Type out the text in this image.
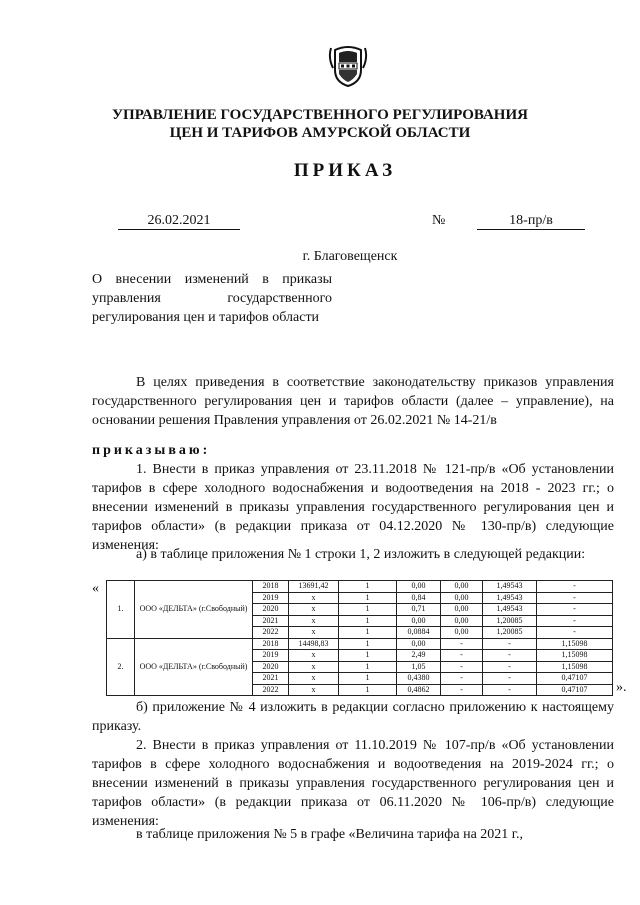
УПРАВЛЕНИЕ ГОСУДАРСТВЕННОГО РЕГУЛИРОВАНИЯ
ЦЕН И ТАРИФОВ АМУРСКОЙ ОБЛАСТИ
ПРИКАЗ
26.02.2021	№	18-пр/в
г. Благовещенск
О внесении изменений в приказы управления государственного регулирования цен и тарифов области
В целях приведения в соответствие законодательству приказов управления государственного регулирования цен и тарифов области (далее – управление), на основании решения Правления управления от 26.02.2021 № 14-21/в
приказываю:
1. Внести в приказ управления от 23.11.2018 № 121-пр/в «Об установлении тарифов в сфере холодного водоснабжения и водоотведения на 2018 - 2023 гг.; о внесении изменений в приказы управления государственного регулирования цен и тарифов области» (в редакции приказа от 04.12.2020 № 130-пр/в) следующие изменения:
а) в таблице приложения № 1 строки 1, 2 изложить в следующей редакции:
«
1.	ООО «ДЕЛЬТА» (г.Свободный)	2018	13691,42	1	0,00	0,00	1,49543	-
		2019	х	1	0,84	0,00	1,49543	-
		2020	х	1	0,71	0,00	1,49543	-
		2021	х	1	0,00	0,00	1,20085	-
		2022	х	1	0,0884	0,00	1,20085	-
2.	ООО «ДЕЛЬТА» (г.Свободный)	2018	14498,83	1	0,00	-	-	1,15098
		2019	х	1	2,49	-	-	1,15098
		2020	х	1	1,05	-	-	1,15098
		2021	х	1	0,4380	-	-	0,47107
		2022	х	1	0,4862	-	-	0,47107 ».
б) приложение № 4 изложить в редакции согласно приложению к настоящему приказу.
2. Внести в приказ управления от 11.10.2019 № 107-пр/в «Об установлении тарифов в сфере холодного водоснабжения и водоотведения на 2019-2024 гг.; о внесении изменений в приказы управления государственного регулирования цен и тарифов области» (в редакции приказа от 06.11.2020 № 106-пр/в) следующие изменения:
в таблице приложения № 5 в графе «Величина тарифа на 2021 г.,
